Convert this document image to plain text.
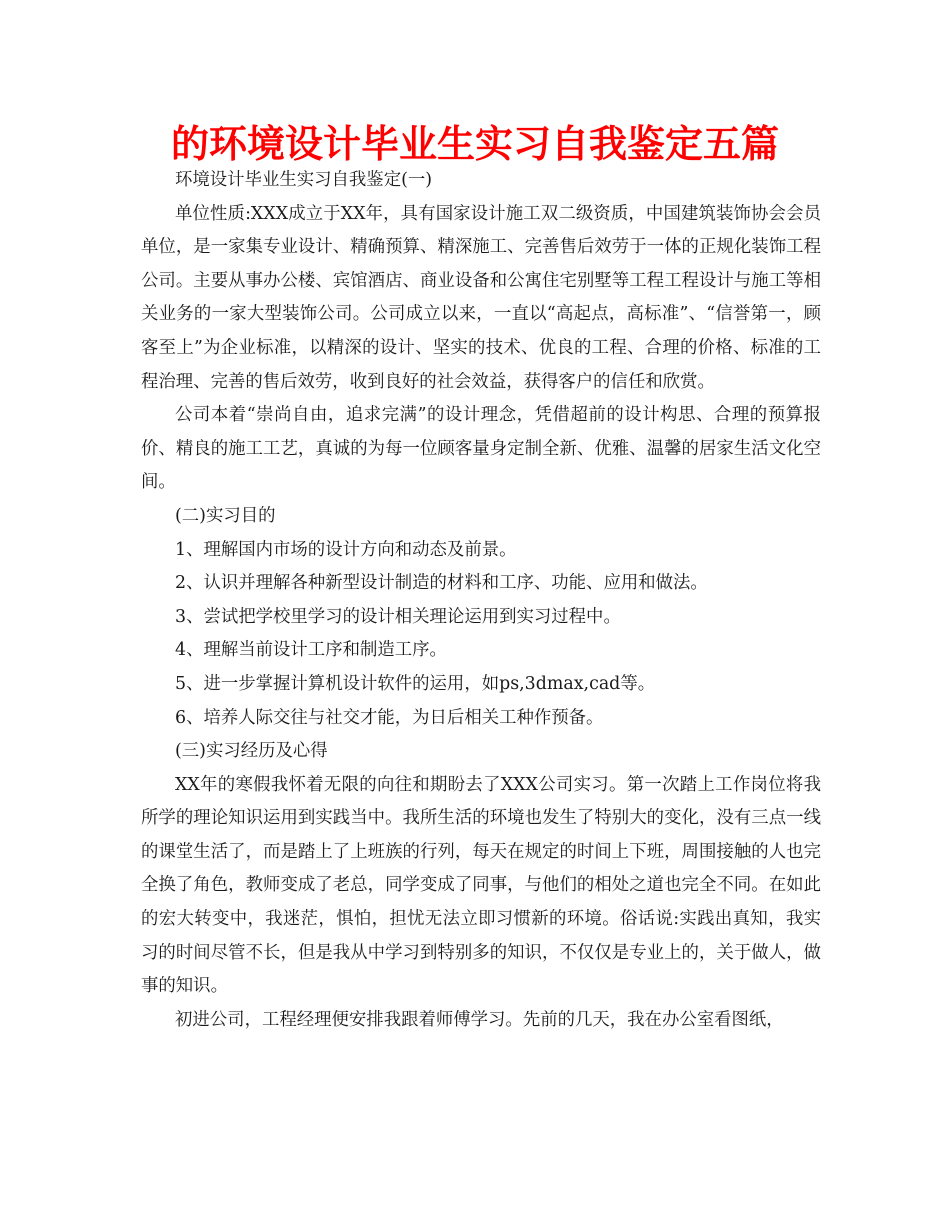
的环境设计毕业生实习自我鉴定五篇

环境设计毕业生实习自我鉴定(一)

单位性质:XXX成立于XX年，具有国家设计施工双二级资质，中国建筑装饰协会会员单位，是一家集专业设计、精确预算、精深施工、完善售后效劳于一体的正规化装饰工程公司。主要从事办公楼、宾馆酒店、商业设备和公寓住宅别墅等工程工程设计与施工等相关业务的一家大型装饰公司。公司成立以来，一直以“高起点，高标准”、“信誉第一，顾客至上”为企业标准，以精深的设计、坚实的技术、优良的工程、合理的价格、标准的工程治理、完善的售后效劳，收到良好的社会效益，获得客户的信任和欣赏。

公司本着“崇尚自由，追求完满”的设计理念，凭借超前的设计构思、合理的预算报价、精良的施工工艺，真诚的为每一位顾客量身定制全新、优雅、温馨的居家生活文化空间。

(二)实习目的

1、理解国内市场的设计方向和动态及前景。

2、认识并理解各种新型设计制造的材料和工序、功能、应用和做法。

3、尝试把学校里学习的设计相关理论运用到实习过程中。

4、理解当前设计工序和制造工序。

5、进一步掌握计算机设计软件的运用，如ps,3dmax,cad等。

6、培养人际交往与社交才能，为日后相关工种作预备。

(三)实习经历及心得

XX年的寒假我怀着无限的向往和期盼去了XXX公司实习。第一次踏上工作岗位将我所学的理论知识运用到实践当中。我所生活的环境也发生了特别大的变化，没有三点一线的课堂生活了，而是踏上了上班族的行列，每天在规定的时间上下班，周围接触的人也完全换了角色，教师变成了老总，同学变成了同事，与他们的相处之道也完全不同。在如此的宏大转变中，我迷茫，惧怕，担忧无法立即习惯新的环境。俗话说:实践出真知，我实习的时间尽管不长，但是我从中学习到特别多的知识，不仅仅是专业上的，关于做人，做事的知识。

初进公司，工程经理便安排我跟着师傅学习。先前的几天，我在办公室看图纸，
